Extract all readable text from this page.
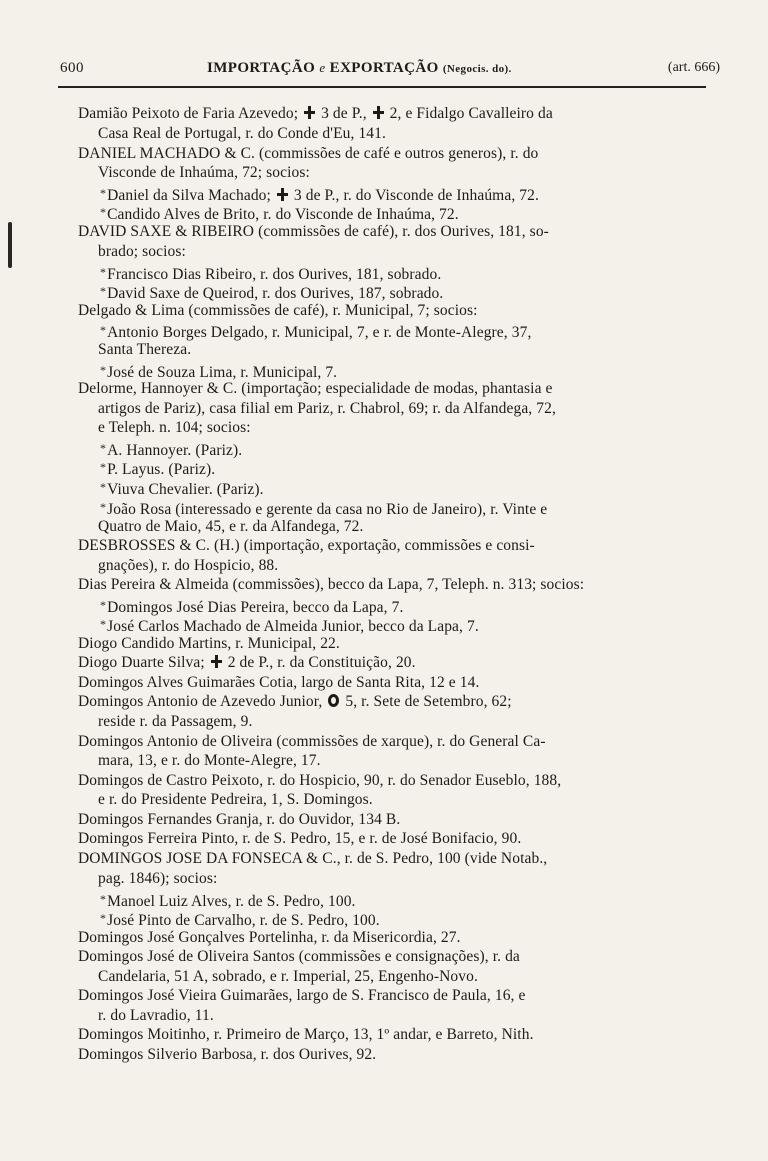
600	IMPORTAÇÃO e EXPORTAÇÃO (Negocis. do).	(art. 666)
Damião Peixoto de Faria Azevedo; 3 de P., 2, e Fidalgo Cavalleiro da
Casa Real de Portugal, r. do Conde d'Eu, 141.
DANIEL MACHADO & C. (commissões de café e outros generos), r. do
Visconde de Inhaúma, 72; socios:
*Daniel da Silva Machado; 3 de P., r. do Visconde de Inhaúma, 72.
*Candido Alves de Brito, r. do Visconde de Inhaúma, 72.
DAVID SAXE & RIBEIRO (commissões de café), r. dos Ourives, 181, so-
brado; socios:
*Francisco Dias Ribeiro, r. dos Ourives, 181, sobrado.
*David Saxe de Queirod, r. dos Ourives, 187, sobrado.
Delgado & Lima (commissões de café), r. Municipal, 7; socios:
*Antonio Borges Delgado, r. Municipal, 7, e r. de Monte-Alegre, 37,
Santa Thereza.
*José de Souza Lima, r. Municipal, 7.
Delorme, Hannoyer & C. (importação; especialidade de modas, phantasia e
artigos de Pariz), casa filial em Pariz, r. Chabrol, 69; r. da Alfandega, 72,
e Teleph. n. 104; socios:
*A. Hannoyer. (Pariz).
*P. Layus. (Pariz).
*Viuva Chevalier. (Pariz).
*João Rosa (interessado e gerente da casa no Rio de Janeiro), r. Vinte e
Quatro de Maio, 45, e r. da Alfandega, 72.
DESBROSSES & C. (H.) (importação, exportação, commissões e consi-
gnações), r. do Hospicio, 88.
Dias Pereira & Almeida (commissões), becco da Lapa, 7, Teleph. n. 313; socios:
*Domingos José Dias Pereira, becco da Lapa, 7.
*José Carlos Machado de Almeida Junior, becco da Lapa, 7.
Diogo Candido Martins, r. Municipal, 22.
Diogo Duarte Silva; 2 de P., r. da Constituição, 20.
Domingos Alves Guimarães Cotia, largo de Santa Rita, 12 e 14.
Domingos Antonio de Azevedo Junior, 5, r. Sete de Setembro, 62;
reside r. da Passagem, 9.
Domingos Antonio de Oliveira (commissões de xarque), r. do General Ca-
mara, 13, e r. do Monte-Alegre, 17.
Domingos de Castro Peixoto, r. do Hospicio, 90, r. do Senador Euseblo, 188,
e r. do Presidente Pedreira, 1, S. Domingos.
Domingos Fernandes Granja, r. do Ouvidor, 134 B.
Domingos Ferreira Pinto, r. de S. Pedro, 15, e r. de José Bonifacio, 90.
DOMINGOS JOSE DA FONSECA & C., r. de S. Pedro, 100 (vide Notab.,
pag. 1846); socios:
*Manoel Luiz Alves, r. de S. Pedro, 100.
*José Pinto de Carvalho, r. de S. Pedro, 100.
Domingos José Gonçalves Portelinha, r. da Misericordia, 27.
Domingos José de Oliveira Santos (commissões e consignações), r. da
Candelaria, 51 A, sobrado, e r. Imperial, 25, Engenho-Novo.
Domingos José Vieira Guimarães, largo de S. Francisco de Paula, 16, e
r. do Lavradio, 11.
Domingos Moitinho, r. Primeiro de Março, 13, 1º andar, e Barreto, Nith.
Domingos Silverio Barbosa, r. dos Ourives, 92.
